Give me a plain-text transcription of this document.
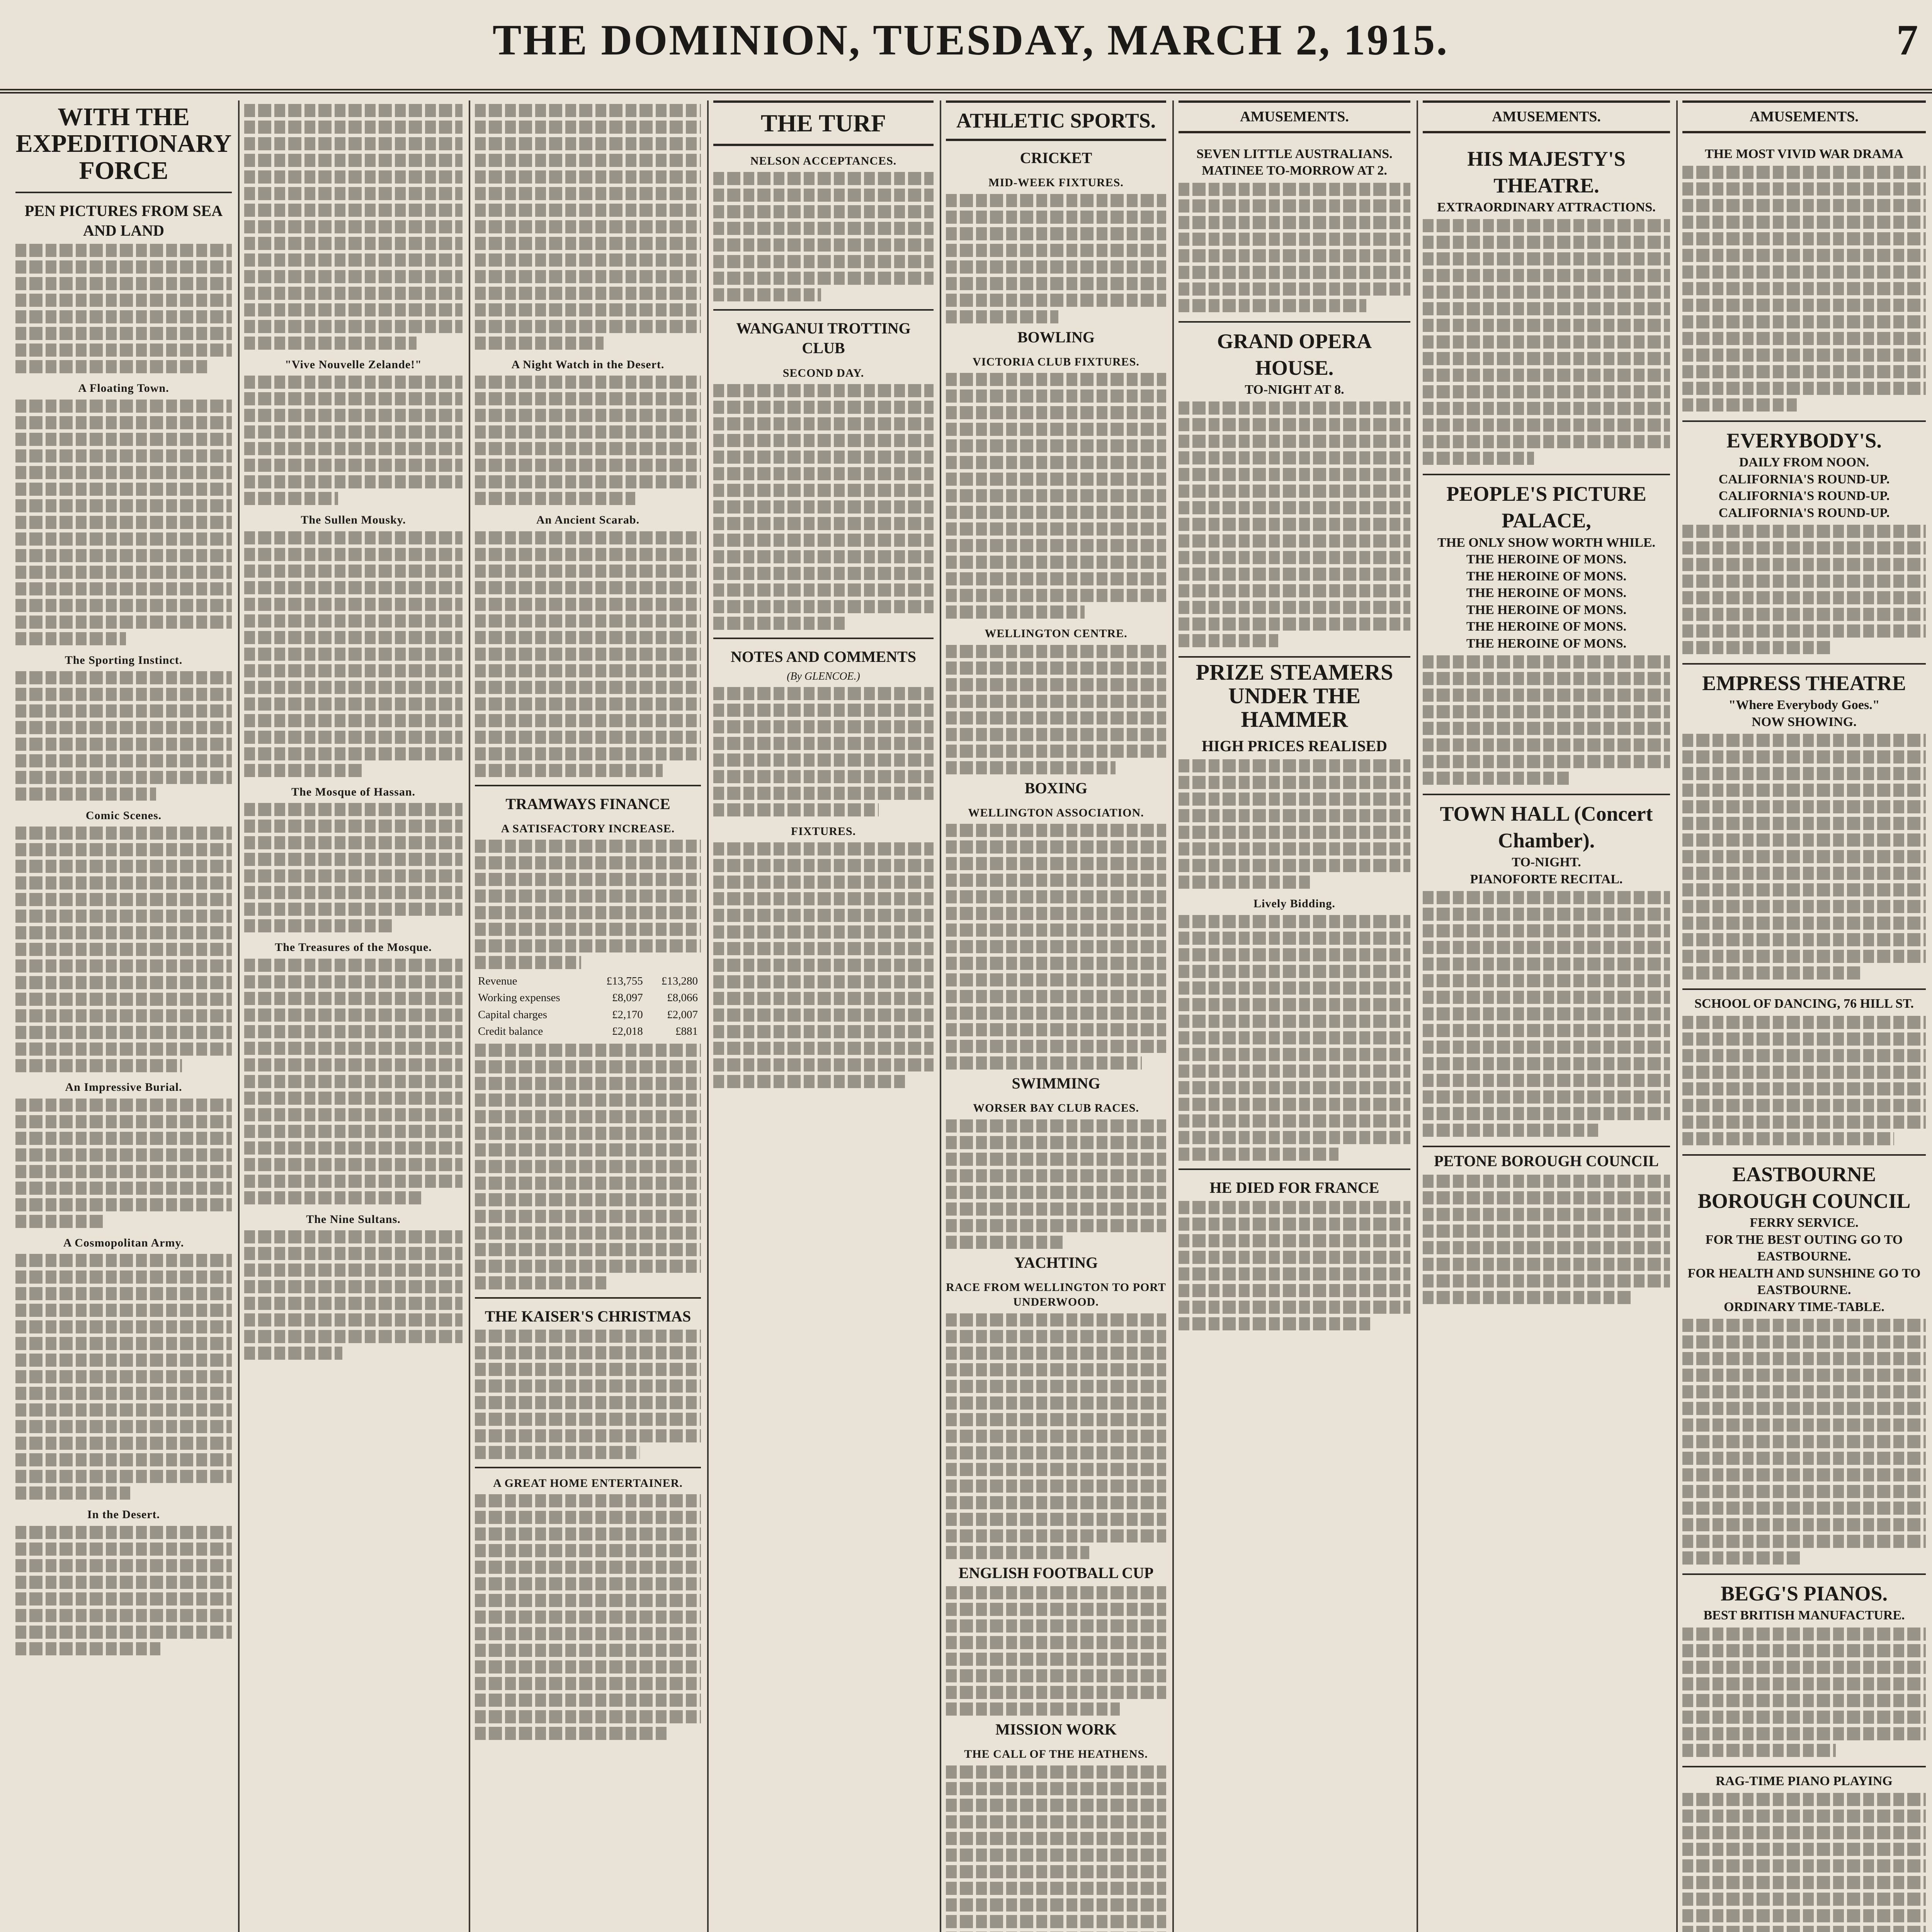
THE DOMINION, TUESDAY, MARCH 2, 1915.	7
WITH THE EXPEDITIONARY FORCE
PEN PICTURES FROM SEA AND LAND
A Floating Town.
The Sporting Instinct.
Comic Scenes.
An Impressive Burial.
A Cosmopolitan Army.
In the Desert.
"Vive Nouvelle Zelande!"
The Sullen Mousky.
The Mosque of Hassan.
The Treasures of the Mosque.
The Nine Sultans.
A Night Watch in the Desert.
An Ancient Scarab.
TRAMWAYS FINANCE
A SATISFACTORY INCREASE.
Revenue	£13,755	£13,280
Working expenses	£8,097	£8,066
Capital charges	£2,170	£2,007
Credit balance	£2,018	£881
THE KAISER'S CHRISTMAS
A GREAT HOME ENTERTAINER.
THE TURF
NELSON ACCEPTANCES.
WANGANUI TROTTING CLUB
SECOND DAY.
NOTES AND COMMENTS
(By GLENCOE.)
FIXTURES.
ATHLETIC SPORTS.
CRICKET
MID-WEEK FIXTURES.
BOWLING
VICTORIA CLUB FIXTURES.
WELLINGTON CENTRE.
BOXING
WELLINGTON ASSOCIATION.
SWIMMING
WORSER BAY CLUB RACES.
YACHTING
RACE FROM WELLINGTON TO PORT UNDERWOOD.
ENGLISH FOOTBALL CUP
MISSION WORK
THE CALL OF THE HEATHENS.
AMUSEMENTS.
SEVEN LITTLE AUSTRALIANS.
MATINEE TO-MORROW AT 2.
GRAND OPERA HOUSE.
TO-NIGHT AT 8.
PRIZE STEAMERS UNDER THE HAMMER
HIGH PRICES REALISED
Lively Bidding.
HE DIED FOR FRANCE
AMUSEMENTS.
HIS MAJESTY'S THEATRE.
EXTRAORDINARY ATTRACTIONS.
PEOPLE'S PICTURE PALACE,
THE ONLY SHOW WORTH WHILE.
THE HEROINE OF MONS.
THE HEROINE OF MONS.
THE HEROINE OF MONS.
THE HEROINE OF MONS.
THE HEROINE OF MONS.
THE HEROINE OF MONS.
TOWN HALL (Concert Chamber).
TO-NIGHT.
PIANOFORTE RECITAL.
PETONE BOROUGH COUNCIL
AMUSEMENTS.
THE MOST VIVID WAR DRAMA
EVERYBODY'S.
DAILY FROM NOON.
CALIFORNIA'S ROUND-UP.
CALIFORNIA'S ROUND-UP.
CALIFORNIA'S ROUND-UP.
EMPRESS THEATRE
"Where Everybody Goes."
NOW SHOWING.
SCHOOL OF DANCING, 76 HILL ST.
EASTBOURNE BOROUGH COUNCIL
FERRY SERVICE.
FOR THE BEST OUTING GO TO EASTBOURNE.
FOR HEALTH AND SUNSHINE GO TO EASTBOURNE.
ORDINARY TIME-TABLE.
BEGG'S PIANOS.
BEST BRITISH MANUFACTURE.
RAG-TIME PIANO PLAYING
